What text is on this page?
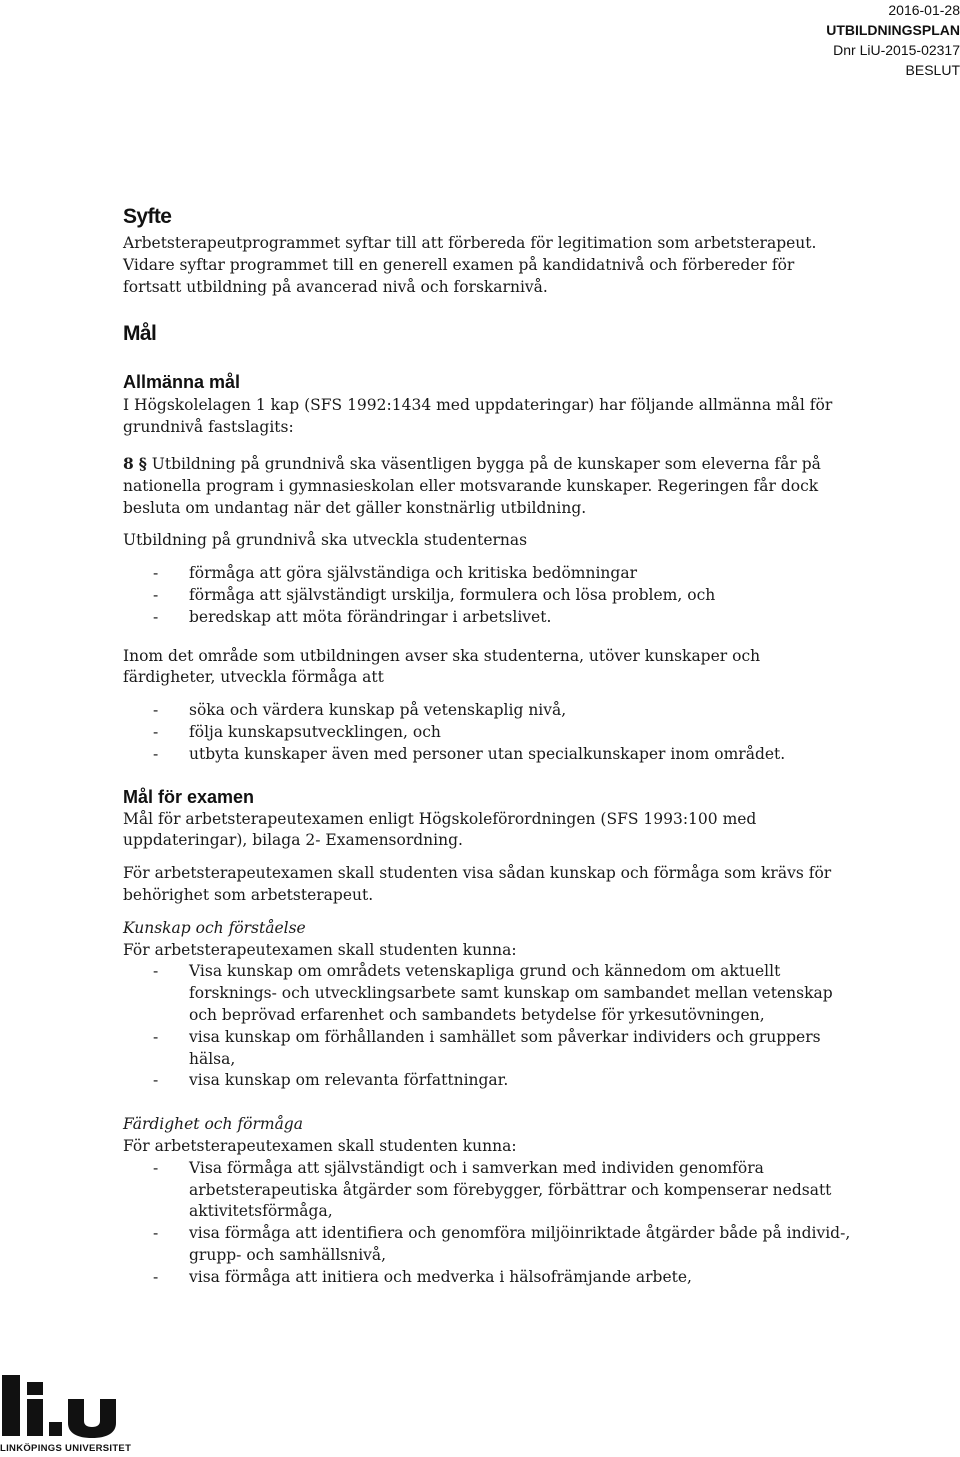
2016-01-28
UTBILDNINGSPLAN
Dnr LiU-2015-02317
BESLUT
Syfte

Arbetsterapeutprogrammet syftar till att förbereda för legitimation som arbetsterapeut. Vidare syftar programmet till en generell examen på kandidatnivå och förbereder för fortsatt utbildning på avancerad nivå och forskarnivå.

Mål
Allmänna mål

I Högskolelagen 1 kap (SFS 1992:1434 med uppdateringar) har följande allmänna mål för grundnivå fastslagits:

8 § Utbildning på grundnivå ska väsentligen bygga på de kunskaper som eleverna får på nationella program i gymnasieskolan eller motsvarande kunskaper. Regeringen får dock besluta om undantag när det gäller konstnärlig utbildning.

Utbildning på grundnivå ska utveckla studenternas

- förmåga att göra självständiga och kritiska bedömningar
- förmåga att självständigt urskilja, formulera och lösa problem, och
- beredskap att möta förändringar i arbetslivet.

Inom det område som utbildningen avser ska studenterna, utöver kunskaper och färdigheter, utveckla förmåga att

- söka och värdera kunskap på vetenskaplig nivå,
- följa kunskapsutvecklingen, och
- utbyta kunskaper även med personer utan specialkunskaper inom området.
Mål för examen

Mål för arbetsterapeutexamen enligt Högskoleförordningen (SFS 1993:100 med uppdateringar), bilaga 2- Examensordning.

För arbetsterapeutexamen skall studenten visa sådan kunskap och förmåga som krävs för behörighet som arbetsterapeut.

Kunskap och förståelse

För arbetsterapeutexamen skall studenten kunna:

- Visa kunskap om områdets vetenskapliga grund och kännedom om aktuellt forsknings- och utvecklingsarbete samt kunskap om sambandet mellan vetenskap och beprövad erfarenhet och sambandets betydelse för yrkesutövningen,
- visa kunskap om förhållanden i samhället som påverkar individers och gruppers hälsa,
- visa kunskap om relevanta författningar.

Färdighet och förmåga

För arbetsterapeutexamen skall studenten kunna:

- Visa förmåga att självständigt och i samverkan med individen genomföra arbetsterapeutiska åtgärder som förebygger, förbättrar och kompenserar nedsatt aktivitetsförmåga,
- visa förmåga att identifiera och genomföra miljöinriktade åtgärder både på individ-, grupp- och samhällsnivå,
- visa förmåga att initiera och medverka i hälsofrämjande arbete,
LINKÖPINGS UNIVERSITET
